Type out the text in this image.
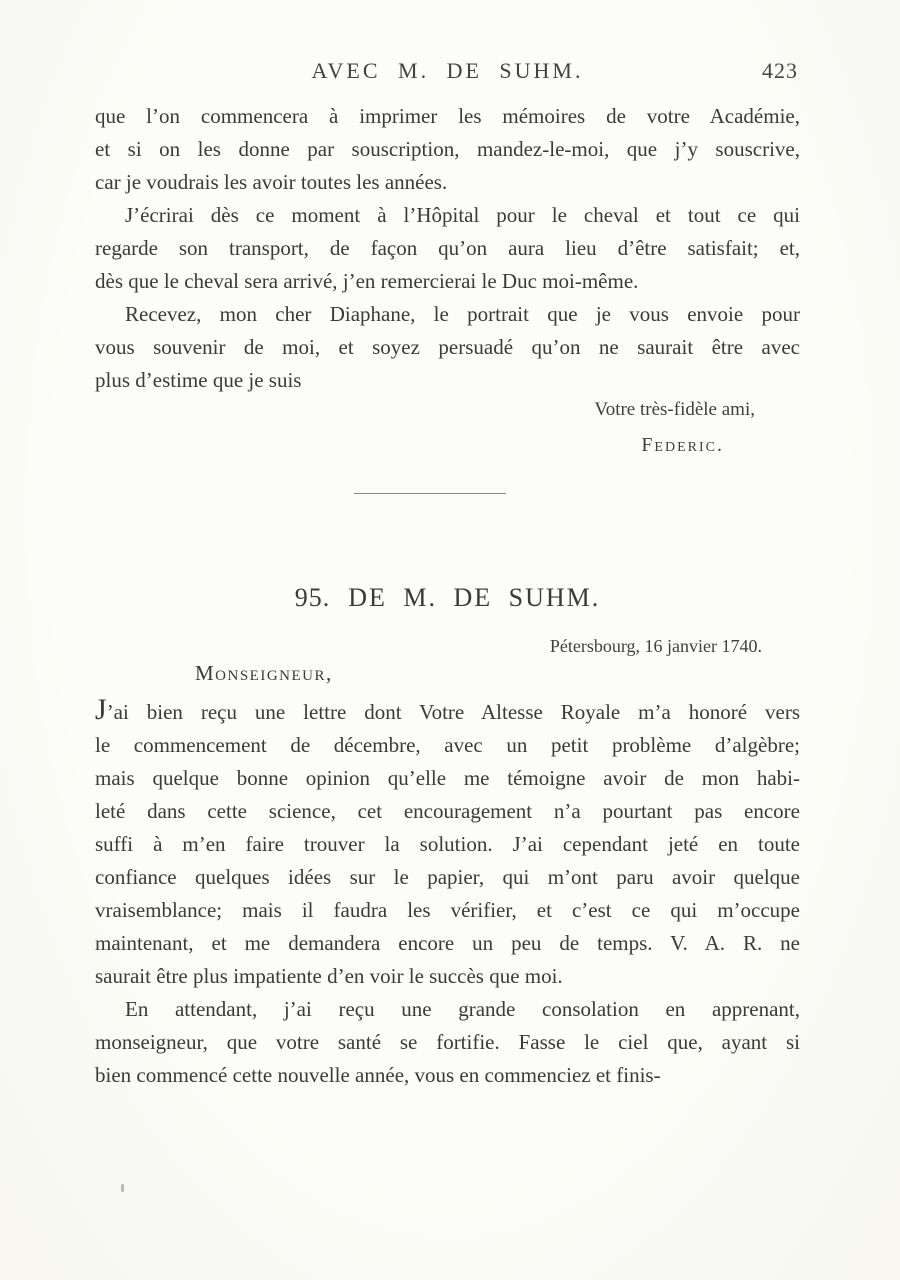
AVEC M. DE SUHM.	423
que l’on commencera à imprimer les mémoires de votre Académie,
et si on les donne par souscription, mandez-le-moi, que j’y souscrive,
car je voudrais les avoir toutes les années.
J’écrirai dès ce moment à l’Hôpital pour le cheval et tout ce qui
regarde son transport, de façon qu’on aura lieu d’être satisfait; et,
dès que le cheval sera arrivé, j’en remercierai le Duc moi-même.
Recevez, mon cher Diaphane, le portrait que je vous envoie pour
vous souvenir de moi, et soyez persuadé qu’on ne saurait être avec
plus d’estime que je suis
Votre très-fidèle ami,
Federic.
95. DE M. DE SUHM.
Pétersbourg, 16 janvier 1740.
Monseigneur,
J’ai bien reçu une lettre dont Votre Altesse Royale m’a honoré vers
le commencement de décembre, avec un petit problème d’algèbre;
mais quelque bonne opinion qu’elle me témoigne avoir de mon habi-
leté dans cette science, cet encouragement n’a pourtant pas encore
suffi à m’en faire trouver la solution. J’ai cependant jeté en toute
confiance quelques idées sur le papier, qui m’ont paru avoir quelque
vraisemblance; mais il faudra les vérifier, et c’est ce qui m’occupe
maintenant, et me demandera encore un peu de temps. V. A. R. ne
saurait être plus impatiente d’en voir le succès que moi.
En attendant, j’ai reçu une grande consolation en apprenant,
monseigneur, que votre santé se fortifie. Fasse le ciel que, ayant si
bien commencé cette nouvelle année, vous en commenciez et finis-
